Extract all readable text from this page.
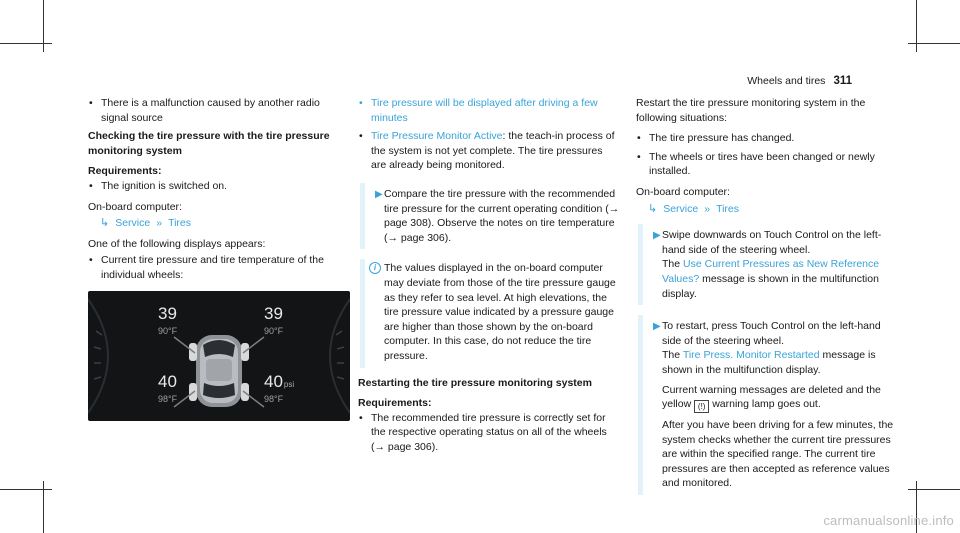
Wheels and tires 311
• There is a malfunction caused by another radio signal source
Checking the tire pressure with the tire pressure monitoring system

Requirements:

• The ignition is switched on.

On-board computer:

↳ Service » Tires

One of the following displays appears:

• Current tire pressure and tire temperature of the individual wheels:
39
90°F
39
90°F
40
98°F
40psi
98°F
• Tire pressure will be displayed after driving a few minutes
• Tire Pressure Monitor Active: the teach-in process of the system is not yet complete. The tire pressures are already being monitored.
▶ Compare the tire pressure with the recommended tire pressure for the current operating condition (→ page 308). Observe the notes on tire temperature (→ page 306).
i The values displayed in the on-board computer may deviate from those of the tire pressure gauge as they refer to sea level. At high elevations, the tire pressure value indicated by a pressure gauge are higher than those shown by the on-board computer. In this case, do not reduce the tire pressure.
Restarting the tire pressure monitoring system

Requirements:

• The recommended tire pressure is correctly set for the respective operating status on all of the wheels (→ page 306).

Restart the tire pressure monitoring system in the following situations:

• The tire pressure has changed.
• The wheels or tires have been changed or newly installed.

On-board computer:

↳ Service » Tires
▶ Swipe downwards on Touch Control on the left-hand side of the steering wheel.
The Use Current Pressures as New Reference Values? message is shown in the multifunction display.
▶ To restart, press Touch Control on the left-hand side of the steering wheel.
The Tire Press. Monitor Restarted message is shown in the multifunction display.
Current warning messages are deleted and the yellow (!) warning lamp goes out.
After you have been driving for a few minutes, the system checks whether the current tire pressures are within the specified range. The current tire pressures are then accepted as reference values and monitored.
carmanualsonline.info
